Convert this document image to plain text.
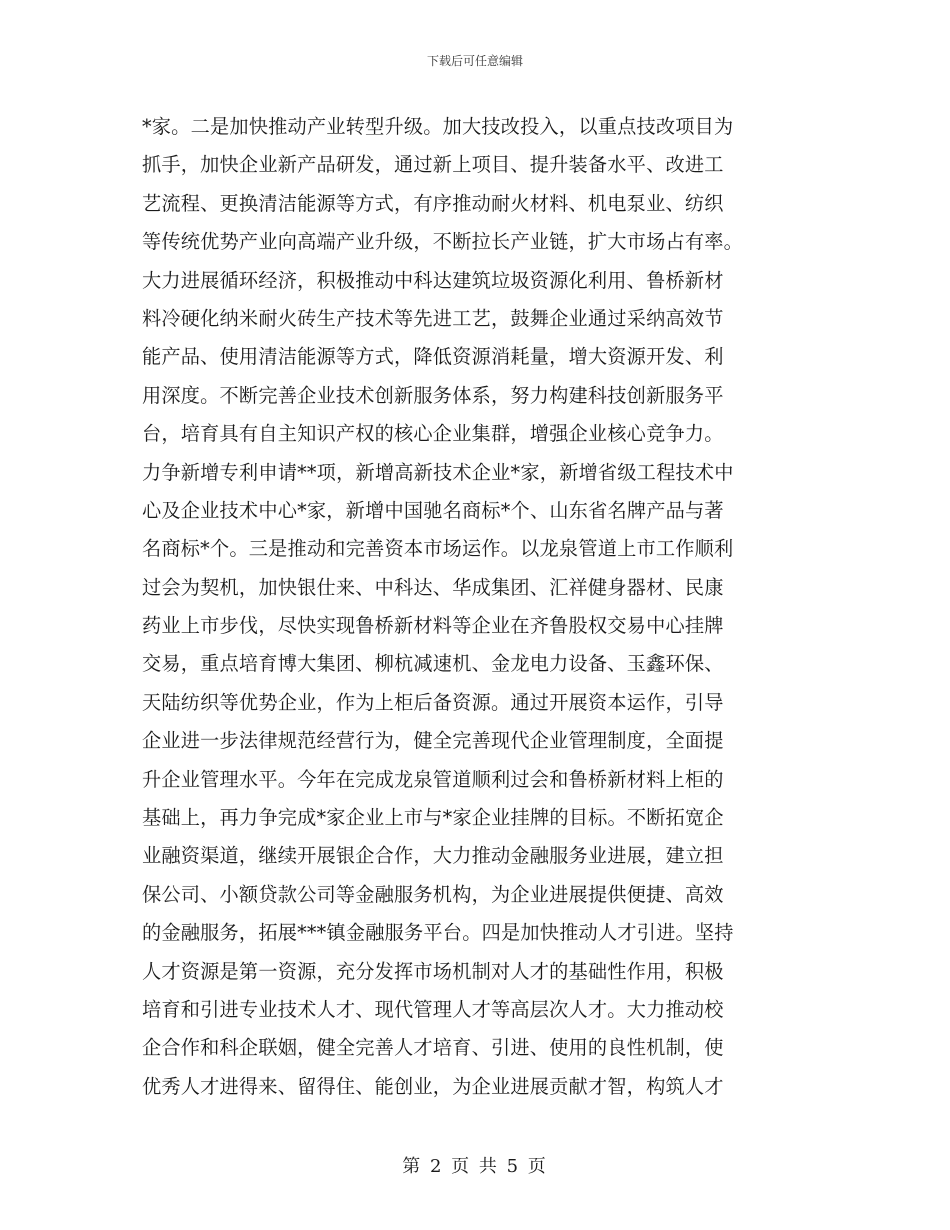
下载后可任意编辑
*家。二是加快推动产业转型升级。加大技改投入，以重点技改项目为
抓手，加快企业新产品研发，通过新上项目、提升装备水平、改进工
艺流程、更换清洁能源等方式，有序推动耐火材料、机电泵业、纺织
等传统优势产业向高端产业升级，不断拉长产业链，扩大市场占有率。
大力进展循环经济，积极推动中科达建筑垃圾资源化利用、鲁桥新材
料冷硬化纳米耐火砖生产技术等先进工艺，鼓舞企业通过采纳高效节
能产品、使用清洁能源等方式，降低资源消耗量，增大资源开发、利
用深度。不断完善企业技术创新服务体系，努力构建科技创新服务平
台，培育具有自主知识产权的核心企业集群，增强企业核心竞争力。
力争新增专利申请**项，新增高新技术企业*家，新增省级工程技术中
心及企业技术中心*家，新增中国驰名商标*个、山东省名牌产品与著
名商标*个。三是推动和完善资本市场运作。以龙泉管道上市工作顺利
过会为契机，加快银仕来、中科达、华成集团、汇祥健身器材、民康
药业上市步伐，尽快实现鲁桥新材料等企业在齐鲁股权交易中心挂牌
交易，重点培育博大集团、柳杭减速机、金龙电力设备、玉鑫环保、
天陆纺织等优势企业，作为上柜后备资源。通过开展资本运作，引导
企业进一步法律规范经营行为，健全完善现代企业管理制度，全面提
升企业管理水平。今年在完成龙泉管道顺利过会和鲁桥新材料上柜的
基础上，再力争完成*家企业上市与*家企业挂牌的目标。不断拓宽企
业融资渠道，继续开展银企合作，大力推动金融服务业进展，建立担
保公司、小额贷款公司等金融服务机构，为企业进展提供便捷、高效
的金融服务，拓展***镇金融服务平台。四是加快推动人才引进。坚持
人才资源是第一资源，充分发挥市场机制对人才的基础性作用，积极
培育和引进专业技术人才、现代管理人才等高层次人才。大力推动校
企合作和科企联姻，健全完善人才培育、引进、使用的良性机制，使
优秀人才进得来、留得住、能创业，为企业进展贡献才智，构筑人才
第 2 页 共 5 页
